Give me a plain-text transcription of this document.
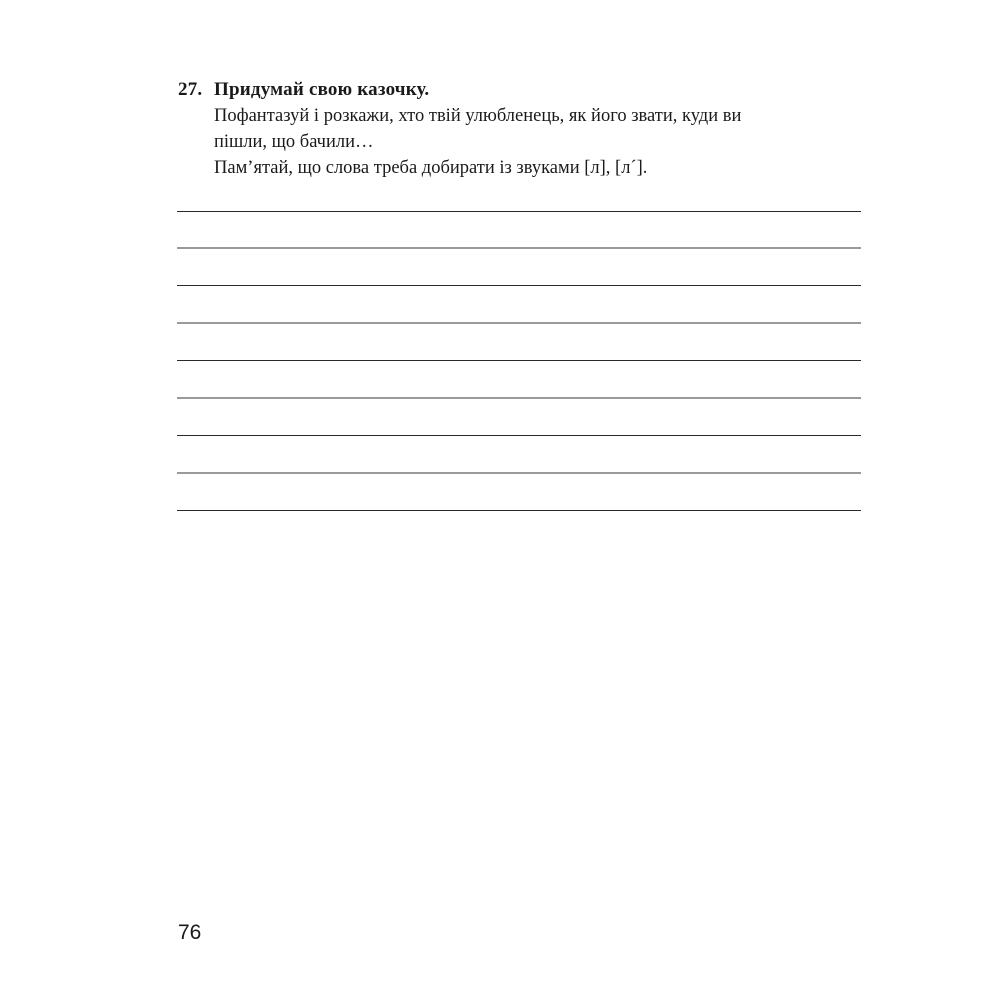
27. Придумай свою казочку.

Пофантазуй і розкажи, хто твій улюбленець, як його звати, куди ви

пішли, що бачили…

Пам’ятай, що слова треба добирати із звуками [л], [л´].

76
